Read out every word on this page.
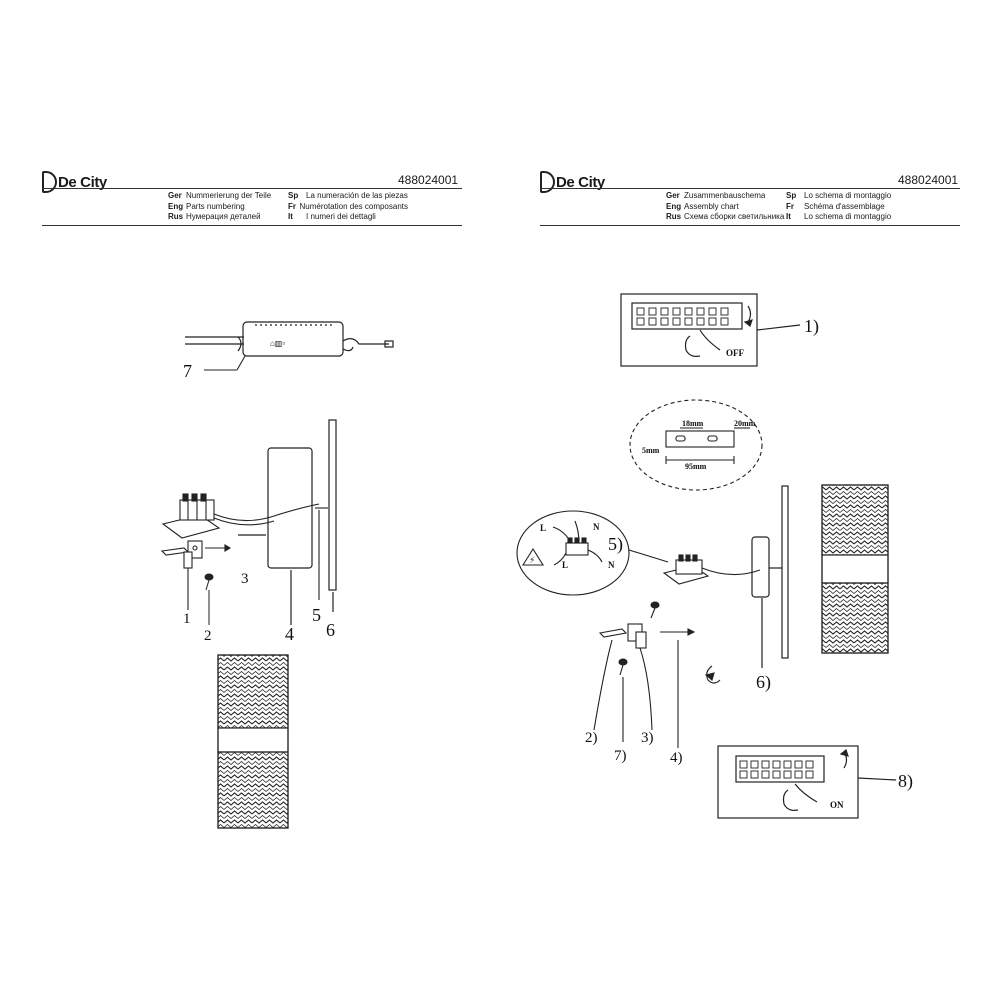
De City	488024001
Ger Nummerierung der Teile Sp La numeración de las piezas
Eng Parts numbering	Fr Numérotation des composants
Rus Нумерация деталей	It	I numeri dei dettagli
De City	488024001
Ger Zusammenbauschema	Sp Lo schema di montaggio
Eng Assembly chart	Fr	Schéma d'assemblage
Rus Схема сборки светильника It	Lo schema di montaggio
⌂▥▫
7
1
2
3
4
5
6
OFF
1)
18mm	20mm
5mm
95mm
⚡
L	N
L	N
5)
6)
2)
7)
3)
4)
ON
8)
